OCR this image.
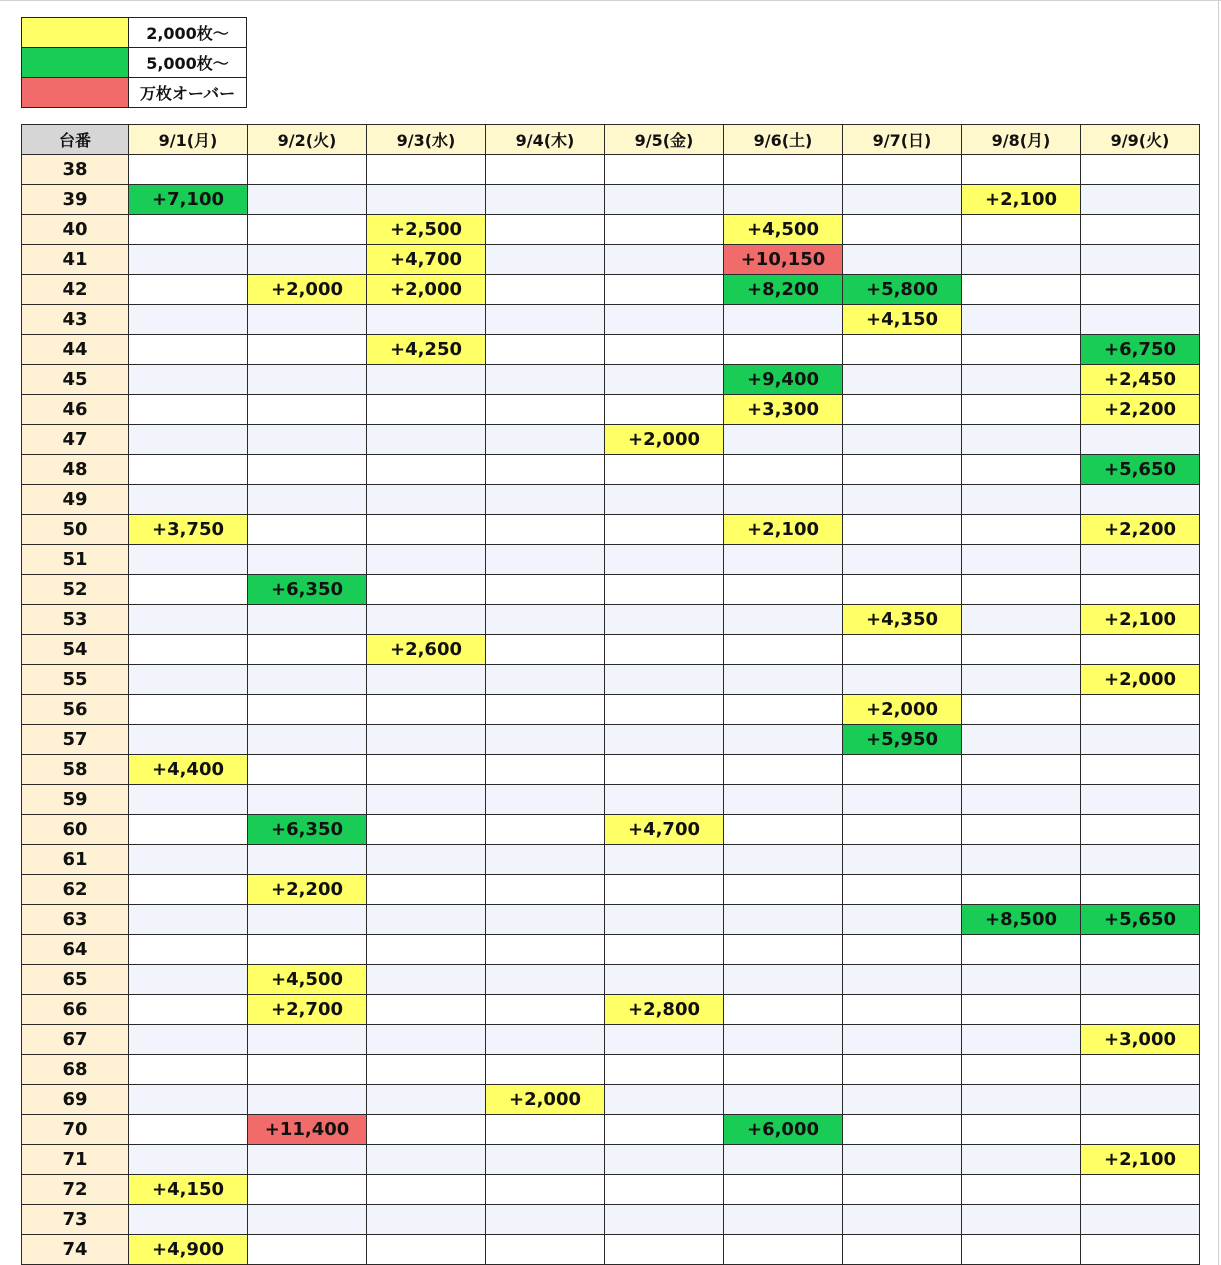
	2,000枚～
	5,000枚～
	万枚オーバー
台番	9/1(月)	9/2(火)	9/3(水)	9/4(木)	9/5(金)	9/6(土)	9/7(日)	9/8(月)	9/9(火)
38									
39	+7,100							+2,100	
40			+2,500			+4,500			
41			+4,700			+10,150			
42		+2,000	+2,000			+8,200	+5,800		
43							+4,150		
44			+4,250						+6,750
45						+9,400			+2,450
46						+3,300			+2,200
47					+2,000				
48									+5,650
49									
50	+3,750					+2,100			+2,200
51									
52		+6,350							
53							+4,350		+2,100
54			+2,600						
55									+2,000
56							+2,000		
57							+5,950		
58	+4,400								
59									
60		+6,350			+4,700				
61									
62		+2,200							
63								+8,500	+5,650
64									
65		+4,500							
66		+2,700			+2,800				
67									+3,000
68									
69				+2,000					
70		+11,400				+6,000			
71									+2,100
72	+4,150								
73									
74	+4,900								
